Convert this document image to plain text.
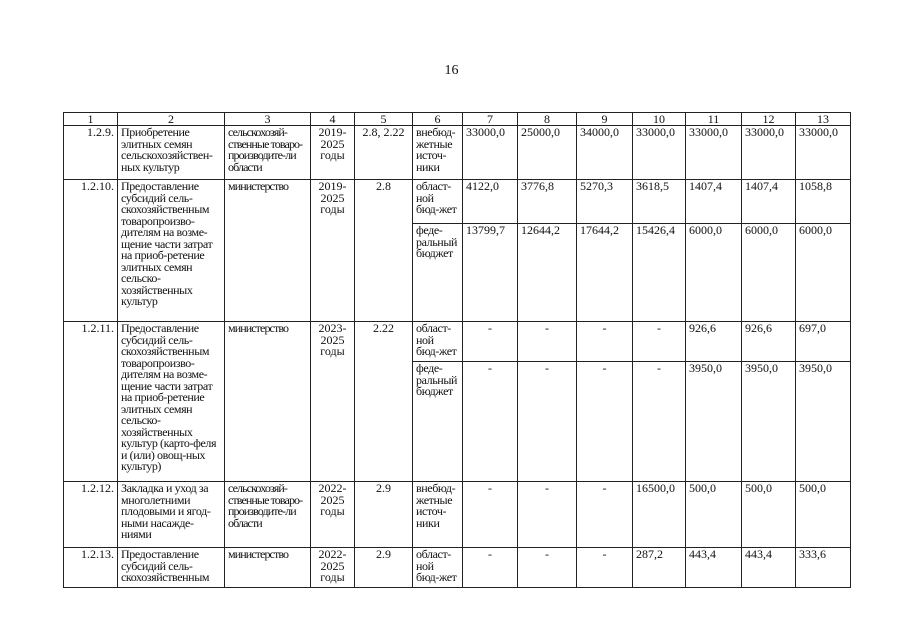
16
1	2	3	4	5	6	7	8	9	10	11	12	13
1.2.9.	Приобретение элитных семян сельскохозяйствен-ных культур	сельскохозяй-ственные товаро-производите-ли области	2019-2025 годы	2.8, 2.22	внебюд-жетные источ-ники	33000,0	25000,0	34000,0	33000,0	33000,0	33000,0	33000,0
1.2.10.	Предоставление субсидий сель-скохозяйственным товаропроизво-дителям на возме-щение части затрат на приоб-ретение элитных семян сельско-хозяйственных культур	министерство	2019-2025 годы	2.8	област-ной бюд-жет	4122,0	3776,8	5270,3	3618,5	1407,4	1407,4	1058,8
					феде-ральный бюджет	13799,7	12644,2	17644,2	15426,4	6000,0	6000,0	6000,0
1.2.11.	Предоставление субсидий сель-скохозяйственным товаропроизво-дителям на возме-щение части затрат на приоб-ретение элитных семян сельско-хозяйственных культур (карто-феля и (или) овощ-ных культур)	министерство	2023-2025 годы	2.22	област-ной бюд-жет	-	-	-	-	926,6	926,6	697,0
					феде-ральный бюджет	-	-	-	-	3950,0	3950,0	3950,0
1.2.12.	Закладка и уход за многолетними плодовыми и ягод-ными насажде-ниями	сельскохозяй-ственные товаро-производите-ли области	2022-2025 годы	2.9	внебюд-жетные источ-ники	-	-	-	16500,0	500,0	500,0	500,0
1.2.13.	Предоставление субсидий сель-скохозяйственным	министерство	2022-2025 годы	2.9	област-ной бюд-жет	-	-	-	287,2	443,4	443,4	333,6
